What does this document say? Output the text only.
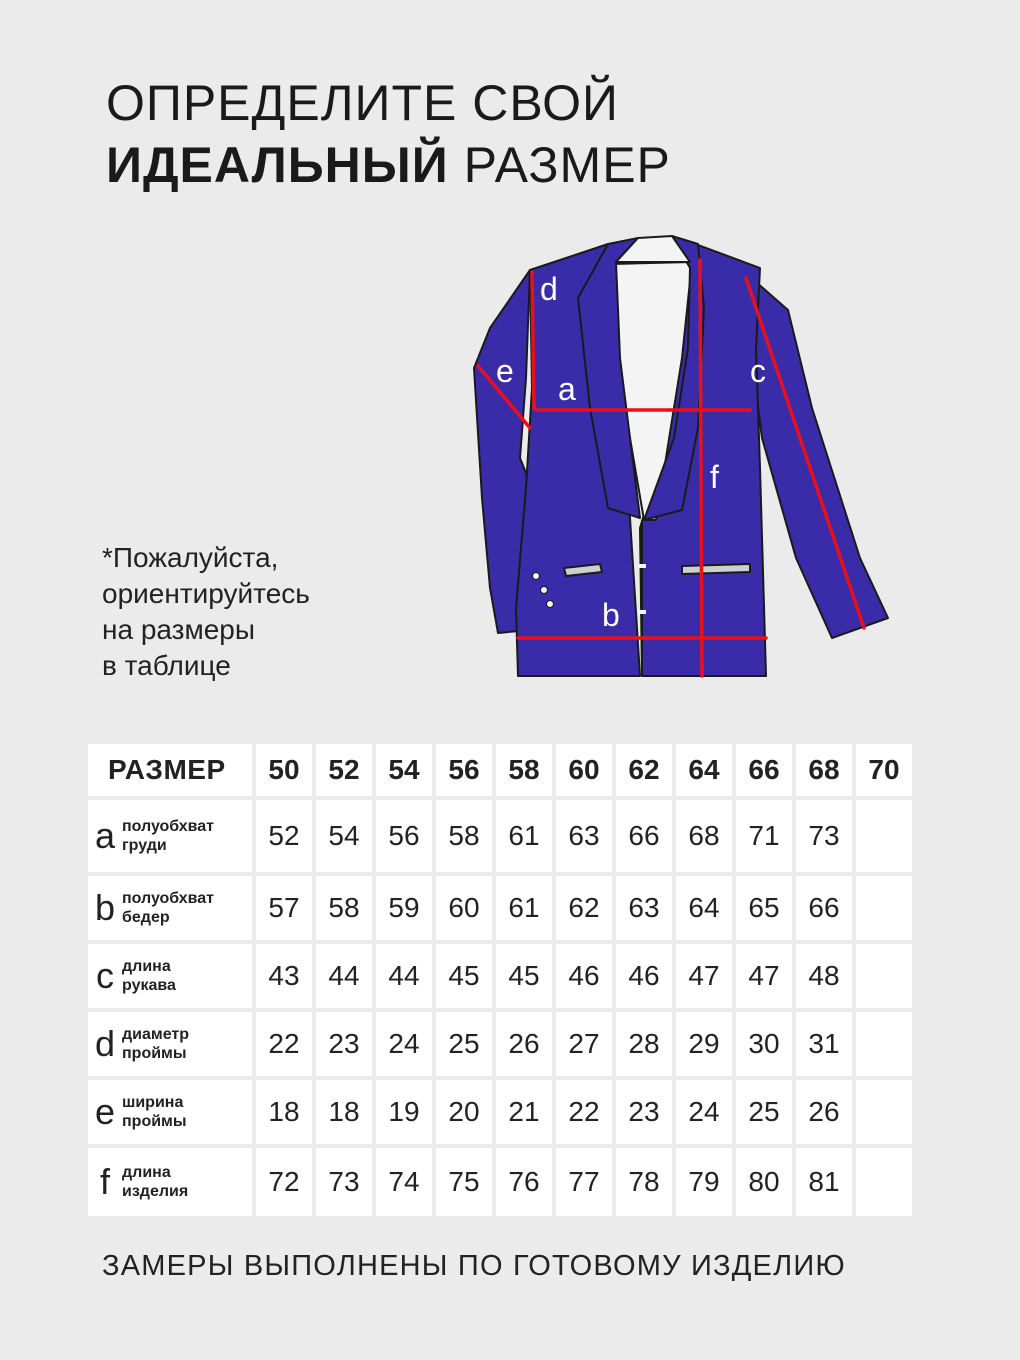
ОПРЕДЕЛИТЕ СВОЙ
ИДЕАЛЬНЫЙ РАЗМЕР
*Пожалуйста,
ориентируйтесь
на размеры
в таблице
a
b
c
d
e
f
РАЗМЕР	50	52	54	56	58	60	62	64	66	68	70
a полуобхват
груди	52	54	56	58	61	63	66	68	71	73
b полуобхват
бедер	57	58	59	60	61	62	63	64	65	66
c длина
рукава	43	44	44	45	45	46	46	47	47	48
d диаметр
проймы	22	23	24	25	26	27	28	29	30	31
e ширина
проймы	18	18	19	20	21	22	23	24	25	26
f длина
изделия	72	73	74	75	76	77	78	79	80	81
ЗАМЕРЫ ВЫПОЛНЕНЫ ПО ГОТОВОМУ ИЗДЕЛИЮ
